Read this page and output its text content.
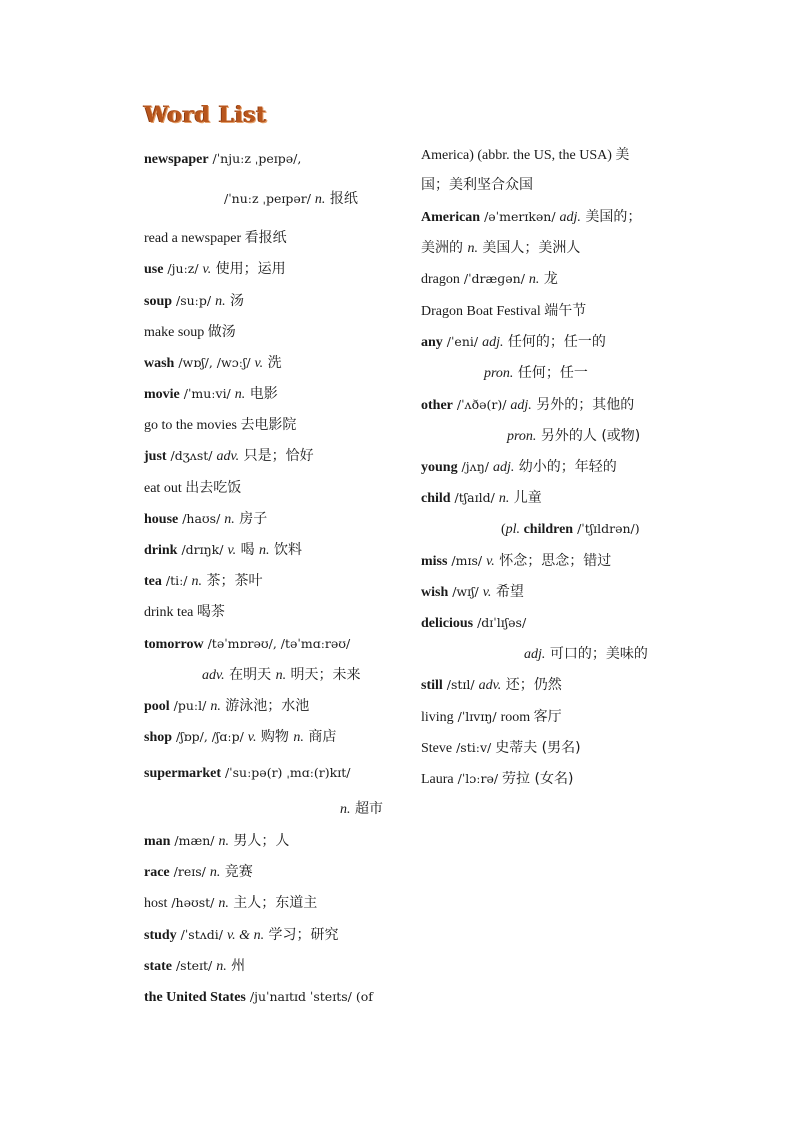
Word List
newspaper /ˈnjuːz ˌpeɪpə/,
/ˈnuːz ˌpeɪpər/ n. 报纸
read a newspaper 看报纸
use /juːz/ v. 使用；运用
soup /suːp/ n. 汤
make soup 做汤
wash /wɒʃ/, /wɔːʃ/ v. 洗
movie /ˈmuːvi/ n. 电影
go to the movies 去电影院
just /dʒʌst/ adv. 只是；恰好
eat out 出去吃饭
house /haʊs/ n. 房子
drink /drɪŋk/ v. 喝 n. 饮料
tea /tiː/ n. 茶；茶叶
drink tea 喝茶
tomorrow /təˈmɒrəʊ/, /təˈmɑːrəʊ/
adv. 在明天 n. 明天；未来
pool /puːl/ n. 游泳池；水池
shop /ʃɒp/, /ʃɑːp/ v. 购物 n. 商店
supermarket /ˈsuːpə(r) ˌmɑː(r)kɪt/
n. 超市
man /mæn/ n. 男人；人
race /reɪs/ n. 竞赛
host /həʊst/ n. 主人；东道主
study /ˈstʌdi/ v. & n. 学习；研究
state /steɪt/ n. 州
the United States /juˈnaɪtɪd ˈsteɪts/ (of
America) (abbr. the US, the USA) 美
国；美利坚合众国
American /əˈmerɪkən/ adj. 美国的；
美洲的 n. 美国人；美洲人
dragon /ˈdræɡən/ n. 龙
Dragon Boat Festival 端午节
any /ˈeni/ adj. 任何的；任一的
pron. 任何；任一
other /ˈʌðə(r)/ adj. 另外的；其他的
pron. 另外的人 (或物)
young /jʌŋ/ adj. 幼小的；年轻的
child /tʃaɪld/ n. 儿童
(pl. children /ˈtʃɪldrən/)
miss /mɪs/ v. 怀念；思念；错过
wish /wɪʃ/ v. 希望
delicious /dɪˈlɪʃəs/
adj. 可口的；美味的
still /stɪl/ adv. 还；仍然
living /ˈlɪvɪŋ/ room 客厅
Steve /stiːv/ 史蒂夫 (男名)
Laura /ˈlɔːrə/ 劳拉 (女名)
